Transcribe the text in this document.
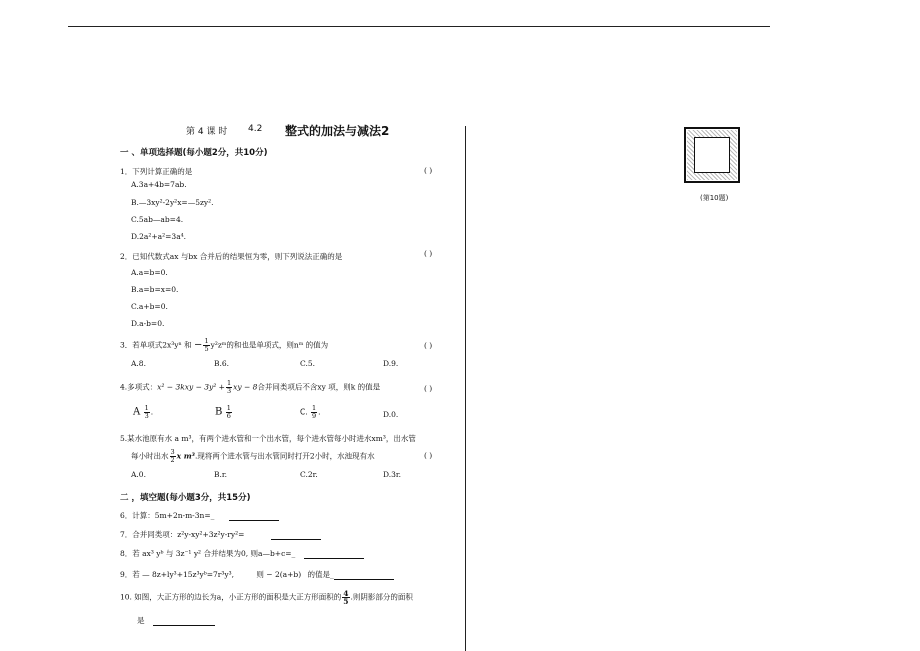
第 4 课 时 4.2 整式的加法与减法2
一 、单项选择题(每小题2分，共10分)
1．下列计算正确的是	( )
A.3a+4b=7ab.
B.—3xy²-2y²x=—5zy².
C.5ab—ab=4.
D.2a²+a²=3a⁴.
2．已知代数式ax 与bx 合并后的结果恒为零，则下列说法正确的是	( )
A.a=b=0.
B.a=b=x=0.
C.a+b=0.
D.a-b=0.
3．若单项式2x³yⁿ 和 − $\frac{1}{5}$ y²zᵐ的和也是单项式，则nᵐ 的值为	( )
A.8.	B.6.	C.5.	D.9.
4.多项式：$x^2 - 3kxy - 3y^2 + \frac{1}{3}$ xy − 8合并同类项后不含xy 项，则k 的值是	( )
A $\frac{1}{3}$ .	B $\frac{1}{6}$	C. $\frac{1}{9}$ .	D.0.
5.某水池原有水 a m³，有两个进水管和一个出水管，每个进水管每小时进水xm³，出水管
每小时出水 $\frac{3}{2}$ x m³.现将两个进水管与出水管同时打开2小时，水池现有水	( )
A.0.	B.r.	C.2r.	D.3r.
二 ，填空题(每小题3分，共15分)
6．计算：5m+2n-m-3n=_
7．合并同类项：z²y-xy²+3z²y-ry²=
8．若 ax³ yᵇ 与 3z⁻¹ y² 合并结果为0, 则a—b+c=_
9．若 — 8z+ly³+15z³yᵇ=7r³y³,	则 − 2(a+b) 的值是_
10. 如图，大正方形的边长为a，小正方形的面积是大正方形面积的 $\frac{4}{5}$ .则阴影部分的面积
是
(第10题)
